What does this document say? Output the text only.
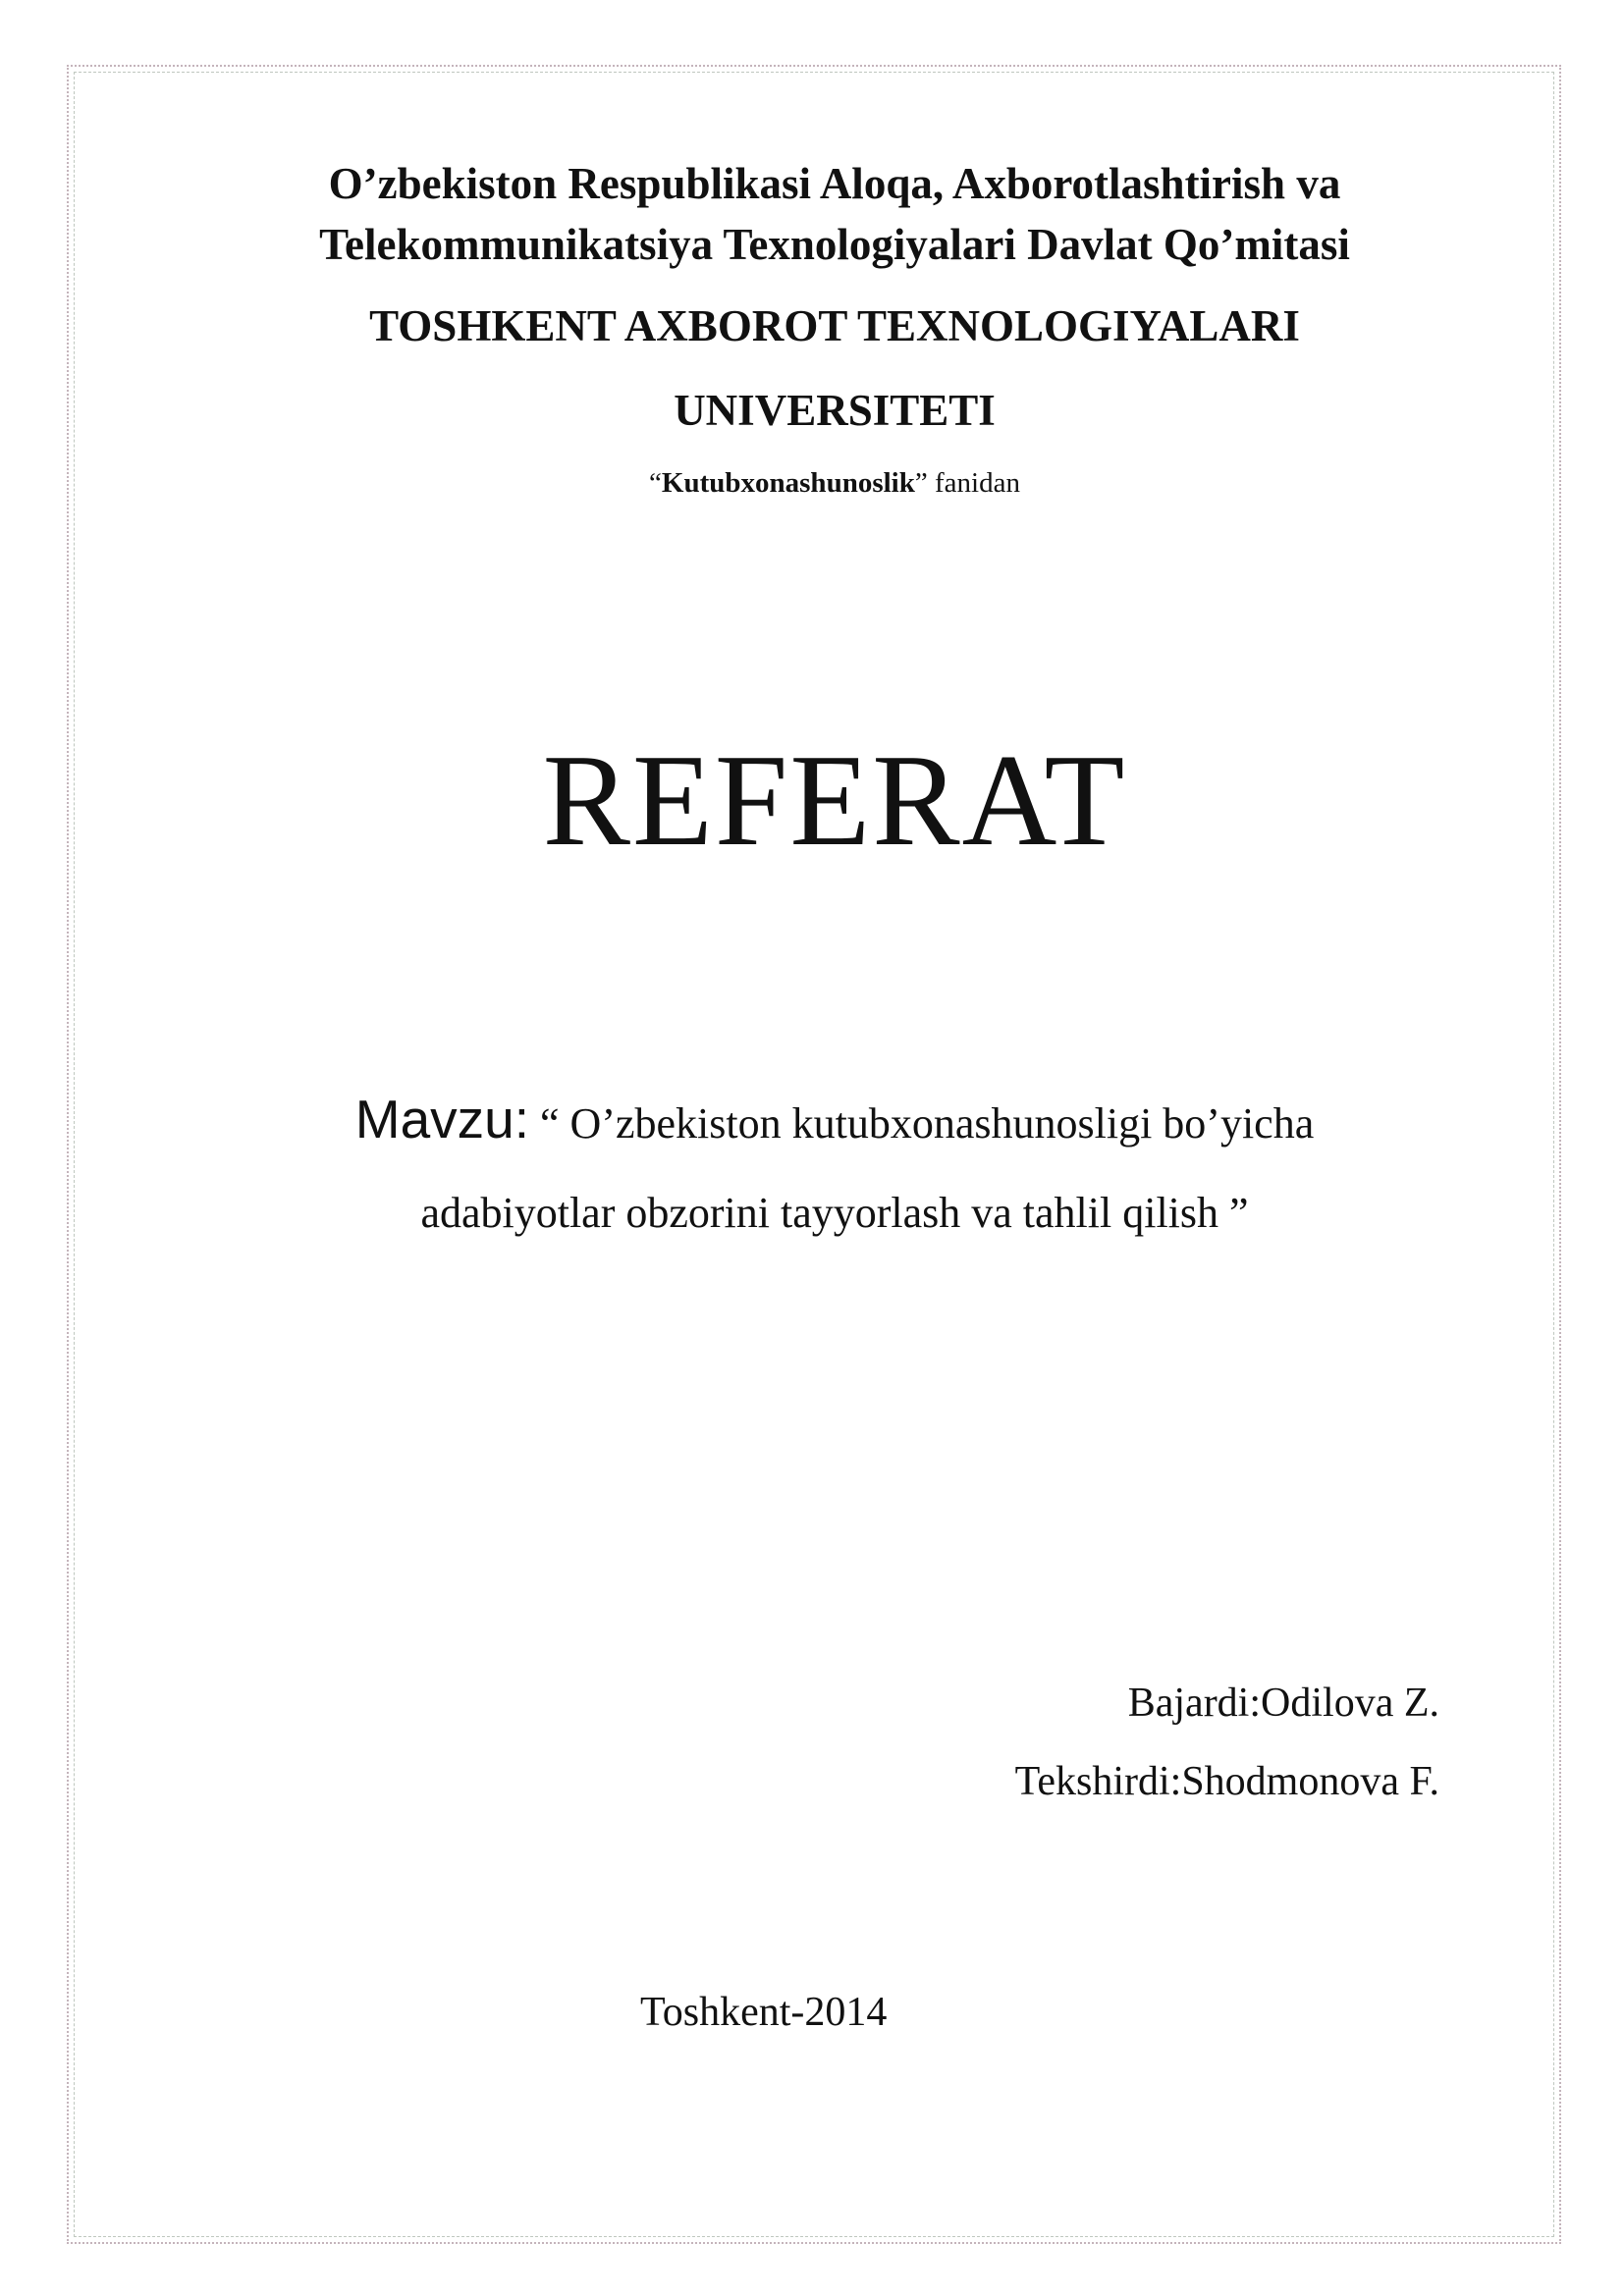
O’zbekiston Respublikasi Aloqa, Axborotlashtirish va
Telekommunikatsiya Texnologiyalari Davlat Qo’mitasi
TOSHKENT AXBOROT TEXNOLOGIYALARI
UNIVERSITETI
“Kutubxonashunoslik” fanidan
REFERAT
Mavzu: “ O’zbekiston kutubxonashunosligi bo’yicha
adabiyotlar obzorini tayyorlash va tahlil qilish ”
Bajardi:Odilova Z.
Tekshirdi:Shodmonova F.
Toshkent-2014
